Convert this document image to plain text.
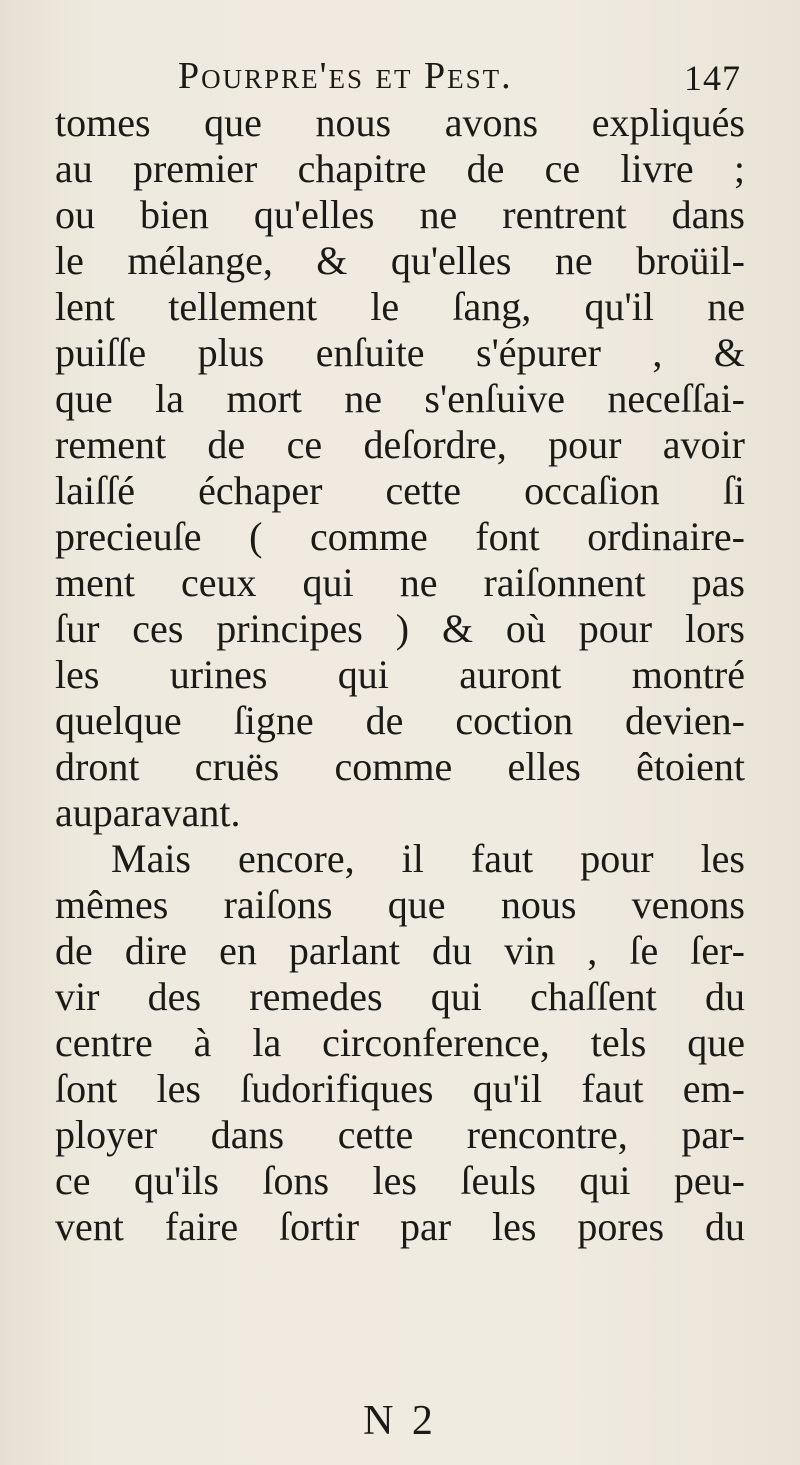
Pourpre'es et Pest.	147
tomes que nous avons expliqués
au premier chapitre de ce livre ;
ou bien qu'elles ne rentrent dans
le mélange, & qu'elles ne broüil-
lent tellement le ſang, qu'il ne
puiſſe plus enſuite s'épurer , &
que la mort ne s'enſuive neceſſai-
rement de ce deſordre, pour avoir
laiſſé échaper cette occaſion ſi
precieuſe ( comme font ordinaire-
ment ceux qui ne raiſonnent pas
ſur ces principes ) & où pour lors
les urines qui auront montré
quelque ſigne de coction devien-
dront cruës comme elles êtoient
auparavant.
Mais encore, il faut pour les
mêmes raiſons que nous venons
de dire en parlant du vin , ſe ſer-
vir des remedes qui chaſſent du
centre à la circonference, tels que
ſont les ſudorifiques qu'il faut em-
ployer dans cette rencontre, par-
ce qu'ils ſons les ſeuls qui peu-
vent faire ſortir par les pores du
N 2
